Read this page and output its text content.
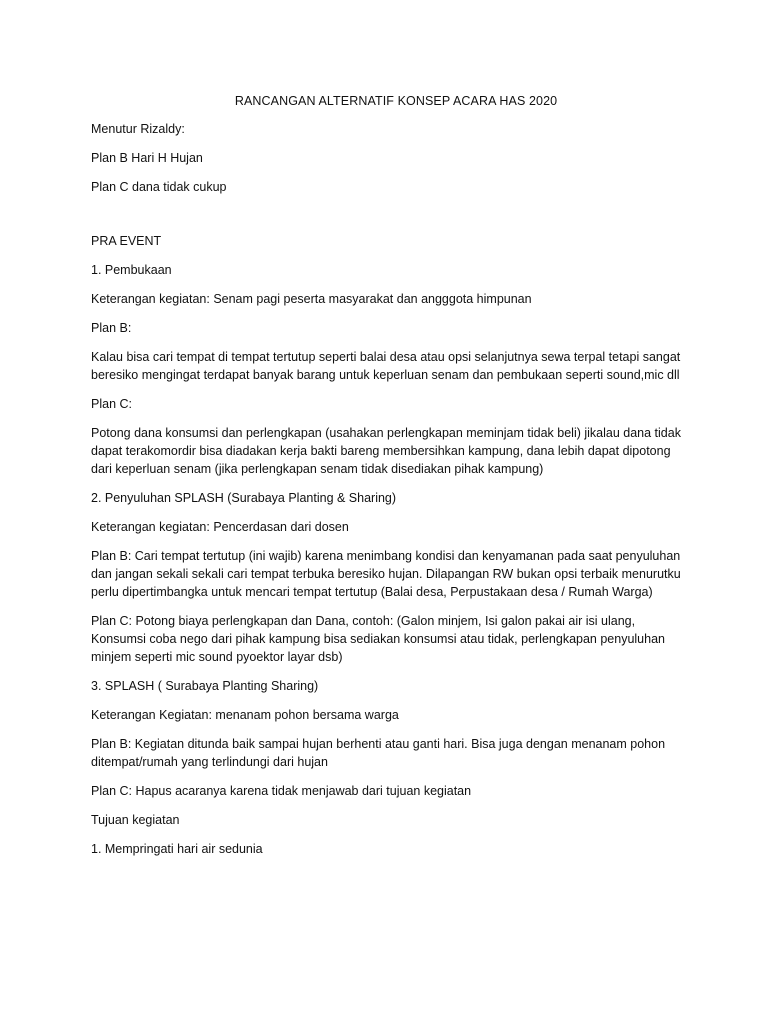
RANCANGAN ALTERNATIF KONSEP ACARA HAS 2020
Menutur Rizaldy:
Plan B Hari H Hujan
Plan C dana tidak cukup
PRA EVENT
1. Pembukaan
Keterangan kegiatan: Senam pagi peserta masyarakat dan angggota himpunan
Plan B:
Kalau bisa cari tempat di tempat tertutup seperti balai desa atau opsi selanjutnya sewa terpal tetapi sangat beresiko mengingat terdapat banyak barang untuk keperluan senam dan pembukaan seperti sound,mic dll
Plan C:
Potong dana konsumsi dan perlengkapan (usahakan perlengkapan meminjam tidak beli) jikalau dana tidak dapat terakomordir bisa diadakan kerja bakti bareng membersihkan kampung, dana lebih dapat dipotong dari keperluan senam (jika perlengkapan senam tidak disediakan pihak kampung)
2. Penyuluhan SPLASH (Surabaya Planting & Sharing)
Keterangan kegiatan: Pencerdasan dari dosen
Plan B: Cari tempat tertutup (ini wajib) karena menimbang kondisi dan kenyamanan pada saat penyuluhan dan jangan sekali sekali cari tempat terbuka beresiko hujan. Dilapangan RW bukan opsi terbaik menurutku perlu dipertimbangka untuk mencari tempat tertutup (Balai desa, Perpustakaan desa / Rumah Warga)
Plan C: Potong biaya perlengkapan dan Dana, contoh: (Galon minjem, Isi galon pakai air isi ulang, Konsumsi coba nego dari pihak kampung bisa sediakan konsumsi atau tidak, perlengkapan penyuluhan minjem seperti mic sound pyoektor layar dsb)
3. SPLASH ( Surabaya Planting Sharing)
Keterangan Kegiatan: menanam pohon bersama warga
Plan B: Kegiatan ditunda baik sampai hujan berhenti atau ganti hari. Bisa juga dengan menanam pohon ditempat/rumah yang terlindungi dari hujan
Plan C: Hapus acaranya karena tidak menjawab dari tujuan kegiatan
Tujuan kegiatan
1. Mempringati hari air sedunia
